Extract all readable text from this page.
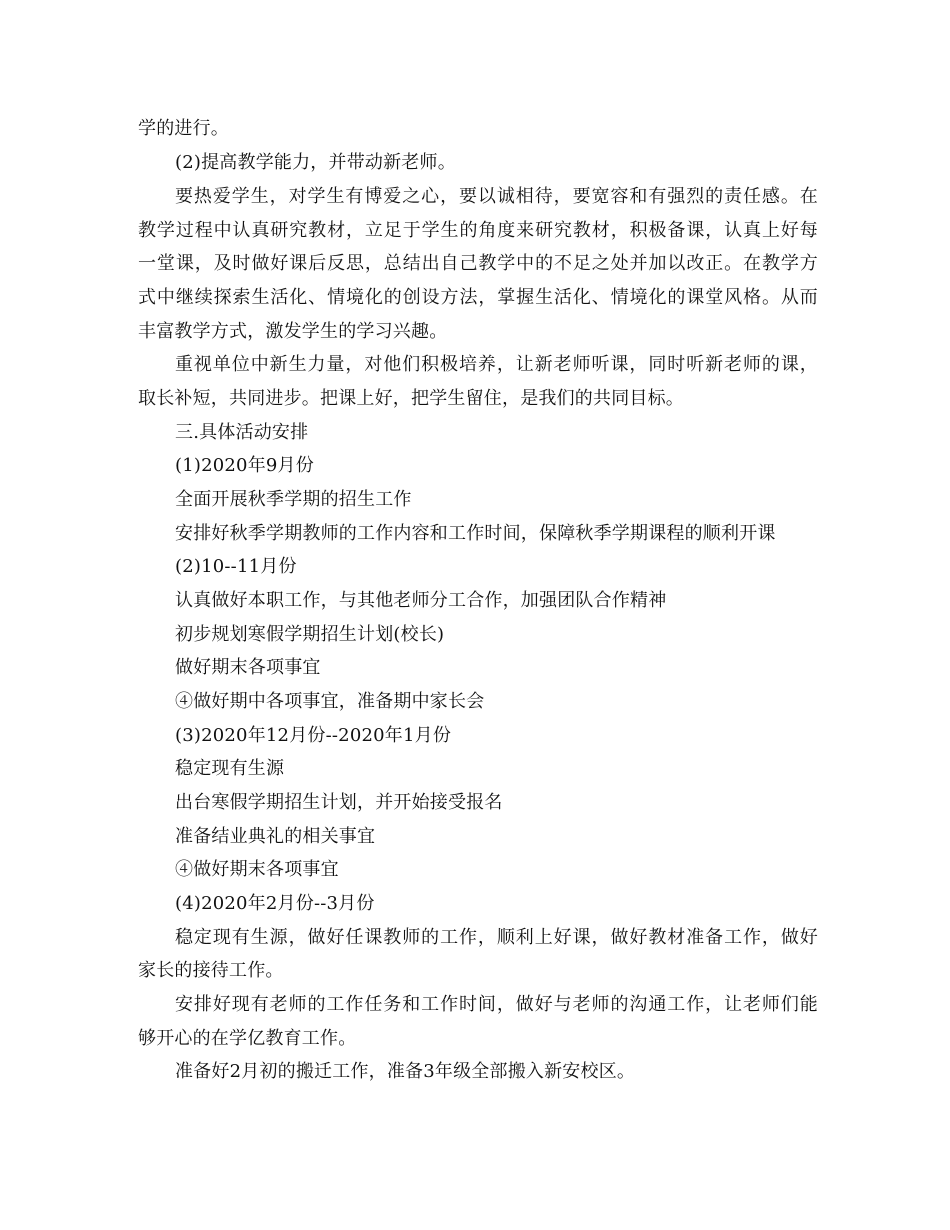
学的进行。
(2)提高教学能力，并带动新老师。
要热爱学生，对学生有博爱之心，要以诚相待，要宽容和有强烈的责任感。在
教学过程中认真研究教材，立足于学生的角度来研究教材，积极备课，认真上好每
一堂课，及时做好课后反思，总结出自己教学中的不足之处并加以改正。在教学方
式中继续探索生活化、情境化的创设方法，掌握生活化、情境化的课堂风格。从而
丰富教学方式，激发学生的学习兴趣。
重视单位中新生力量，对他们积极培养，让新老师听课，同时听新老师的课，
取长补短，共同进步。把课上好，把学生留住，是我们的共同目标。
三.具体活动安排
(1)2020年9月份
全面开展秋季学期的招生工作
安排好秋季学期教师的工作内容和工作时间，保障秋季学期课程的顺利开课
(2)10--11月份
认真做好本职工作，与其他老师分工合作，加强团队合作精神
初步规划寒假学期招生计划(校长)
做好期末各项事宜
④做好期中各项事宜，准备期中家长会
(3)2020年12月份--2020年1月份
稳定现有生源
出台寒假学期招生计划，并开始接受报名
准备结业典礼的相关事宜
④做好期末各项事宜
(4)2020年2月份--3月份
稳定现有生源，做好任课教师的工作，顺利上好课，做好教材准备工作，做好
家长的接待工作。
安排好现有老师的工作任务和工作时间，做好与老师的沟通工作，让老师们能
够开心的在学亿教育工作。
准备好2月初的搬迁工作，准备3年级全部搬入新安校区。
